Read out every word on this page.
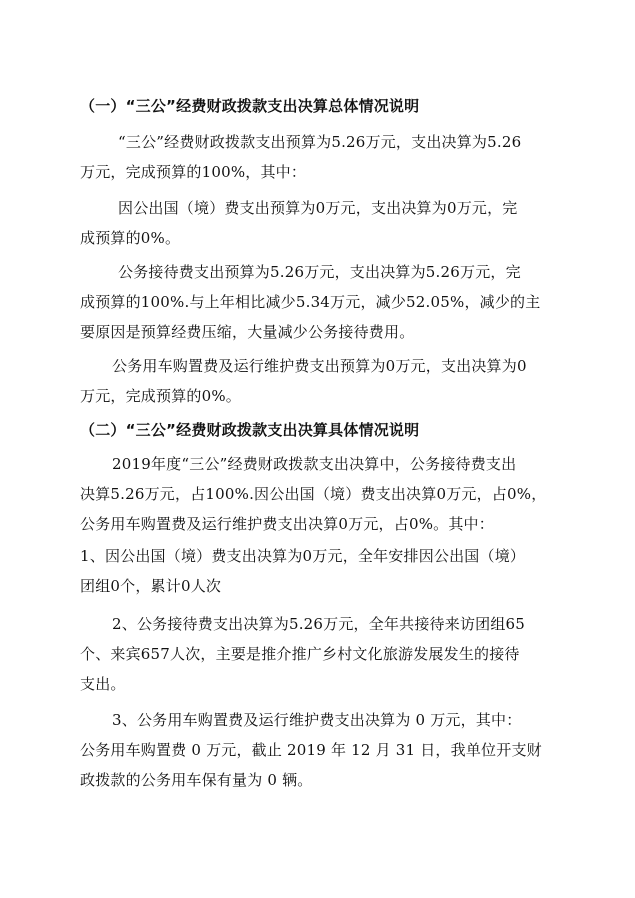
（一）“三公”经费财政拨款支出决算总体情况说明
“三公”经费财政拨款支出预算为5.26万元，支出决算为5.26
万元，完成预算的100%，其中：
因公出国（境）费支出预算为0万元，支出决算为0万元，完
成预算的0%。
公务接待费支出预算为5.26万元，支出决算为5.26万元，完
成预算的100%.与上年相比减少5.34万元，减少52.05%，减少的主
要原因是预算经费压缩，大量减少公务接待费用。
公务用车购置费及运行维护费支出预算为0万元，支出决算为0
万元，完成预算的0%。
（二）“三公”经费财政拨款支出决算具体情况说明
2019年度“三公”经费财政拨款支出决算中，公务接待费支出
决算5.26万元，占100%.因公出国（境）费支出决算0万元，占0%，
公务用车购置费及运行维护费支出决算0万元，占0%。其中：
1、因公出国（境）费支出决算为0万元，全年安排因公出国（境）
团组0个，累计0人次
2、公务接待费支出决算为5.26万元，全年共接待来访团组65
个、来宾657人次，主要是推介推广乡村文化旅游发展发生的接待
支出。
3、公务用车购置费及运行维护费支出决算为 0 万元，其中：
公务用车购置费 0 万元，截止 2019 年 12 月 31 日，我单位开支财
政拨款的公务用车保有量为 0 辆。
